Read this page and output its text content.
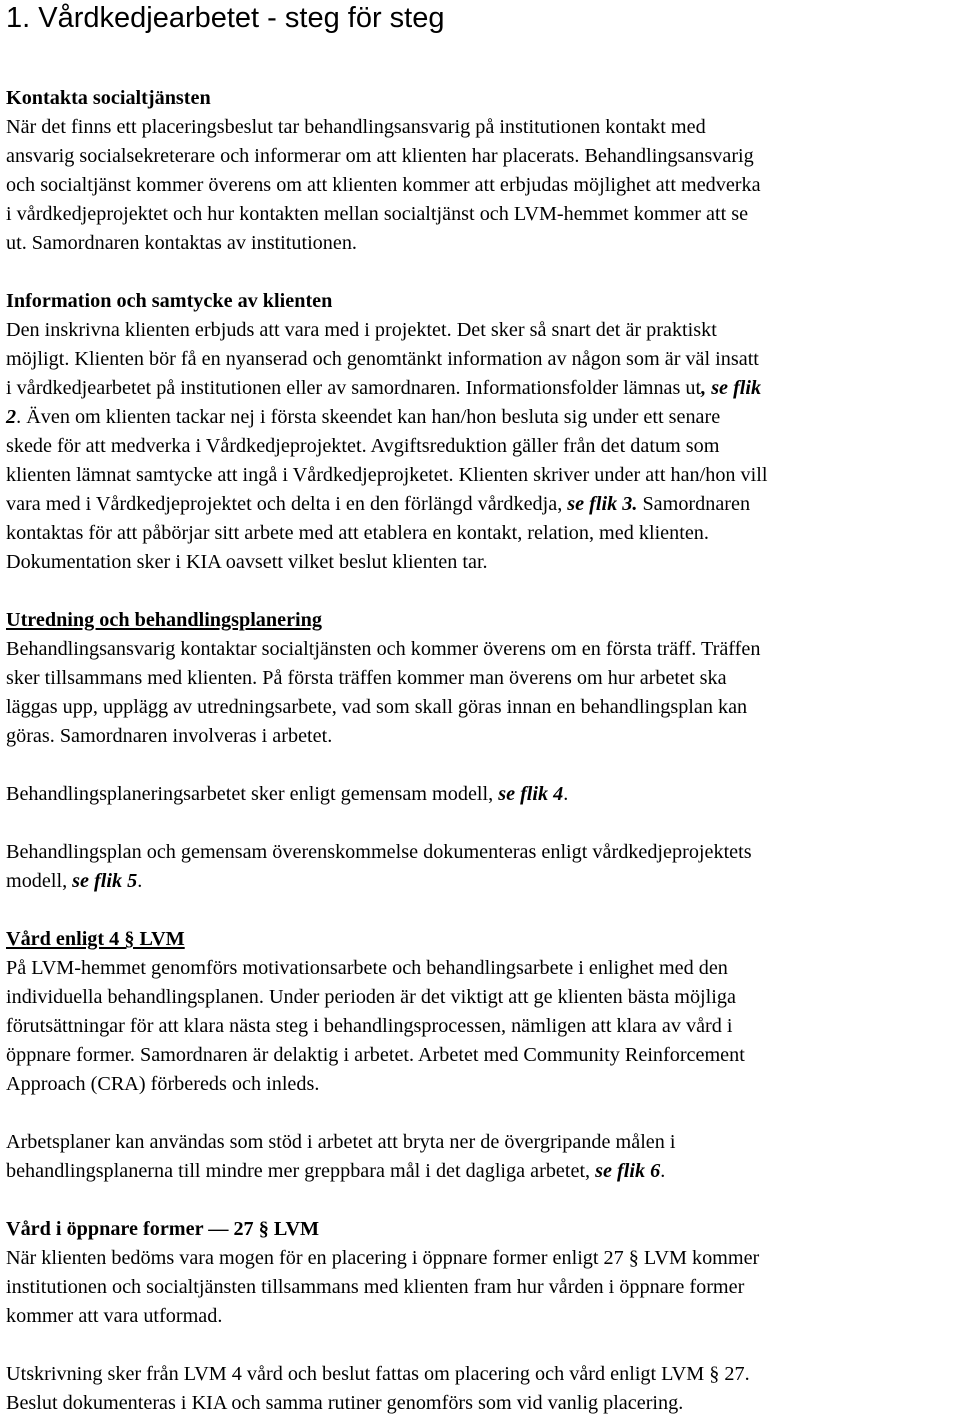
1. Vårdkedjearbetet - steg för steg
Kontakta socialtjänsten

När det finns ett placeringsbeslut tar behandlingsansvarig på institutionen kontakt med
ansvarig socialsekreterare och informerar om att klienten har placerats. Behandlingsansvarig
och socialtjänst kommer överens om att klienten kommer att erbjudas möjlighet att medverka
i vårdkedjeprojektet och hur kontakten mellan socialtjänst och LVM-hemmet kommer att se
ut. Samordnaren kontaktas av institutionen.

Information och samtycke av klienten

Den inskrivna klienten erbjuds att vara med i projektet. Det sker så snart det är praktiskt
möjligt. Klienten bör få en nyanserad och genomtänkt information av någon som är väl insatt
i vårdkedjearbetet på institutionen eller av samordnaren. Informationsfolder lämnas ut, se flik
2. Även om klienten tackar nej i första skeendet kan han/hon besluta sig under ett senare
skede för att medverka i Vårdkedjeprojektet. Avgiftsreduktion gäller från det datum som
klienten lämnat samtycke att ingå i Vårdkedjeprojketet. Klienten skriver under att han/hon vill
vara med i Vårdkedjeprojektet och delta i en den förlängd vårdkedja, se flik 3. Samordnaren
kontaktas för att påbörjar sitt arbete med att etablera en kontakt, relation, med klienten.
Dokumentation sker i KIA oavsett vilket beslut klienten tar.

Utredning och behandlingsplanering

Behandlingsansvarig kontaktar socialtjänsten och kommer överens om en första träff. Träffen
sker tillsammans med klienten. På första träffen kommer man överens om hur arbetet ska
läggas upp, upplägg av utredningsarbete, vad som skall göras innan en behandlingsplan kan
göras. Samordnaren involveras i arbetet.

Behandlingsplaneringsarbetet sker enligt gemensam modell, se flik 4.

Behandlingsplan och gemensam överenskommelse dokumenteras enligt vårdkedjeprojektets
modell, se flik 5.

Vård enligt 4 § LVM

På LVM-hemmet genomförs motivationsarbete och behandlingsarbete i enlighet med den
individuella behandlingsplanen. Under perioden är det viktigt att ge klienten bästa möjliga
förutsättningar för att klara nästa steg i behandlingsprocessen, nämligen att klara av vård i
öppnare former. Samordnaren är delaktig i arbetet. Arbetet med Community Reinforcement
Approach (CRA) förbereds och inleds.

Arbetsplaner kan användas som stöd i arbetet att bryta ner de övergripande målen i
behandlingsplanerna till mindre mer greppbara mål i det dagliga arbetet, se flik 6.

Vård i öppnare former — 27 § LVM

När klienten bedöms vara mogen för en placering i öppnare former enligt 27 § LVM kommer
institutionen och socialtjänsten tillsammans med klienten fram hur vården i öppnare former
kommer att vara utformad.

Utskrivning sker från LVM 4 vård och beslut fattas om placering och vård enligt LVM § 27.
Beslut dokumenteras i KIA och samma rutiner genomförs som vid vanlig placering.
